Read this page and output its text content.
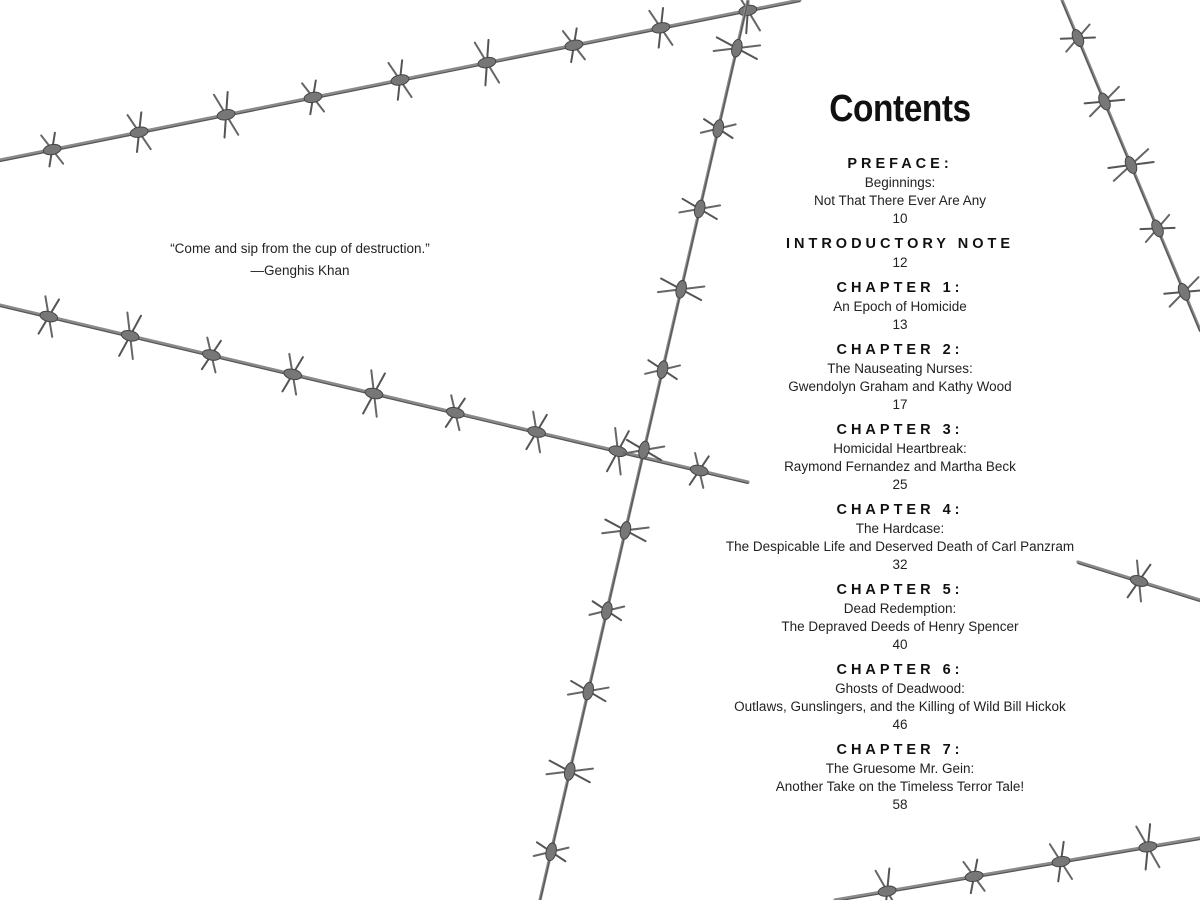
“Come and sip from the cup of destruction.”
—Genghis Khan
Contents
PREFACE:
Beginnings:
Not That There Ever Are Any
10
INTRODUCTORY NOTE
12
CHAPTER 1:
An Epoch of Homicide
13
CHAPTER 2:
The Nauseating Nurses:
Gwendolyn Graham and Kathy Wood
17
CHAPTER 3:
Homicidal Heartbreak:
Raymond Fernandez and Martha Beck
25
CHAPTER 4:
The Hardcase:
The Despicable Life and Deserved Death of Carl Panzram
32
CHAPTER 5:
Dead Redemption:
The Depraved Deeds of Henry Spencer
40
CHAPTER 6:
Ghosts of Deadwood:
Outlaws, Gunslingers, and the Killing of Wild Bill Hickok
46
CHAPTER 7:
The Gruesome Mr. Gein:
Another Take on the Timeless Terror Tale!
58
